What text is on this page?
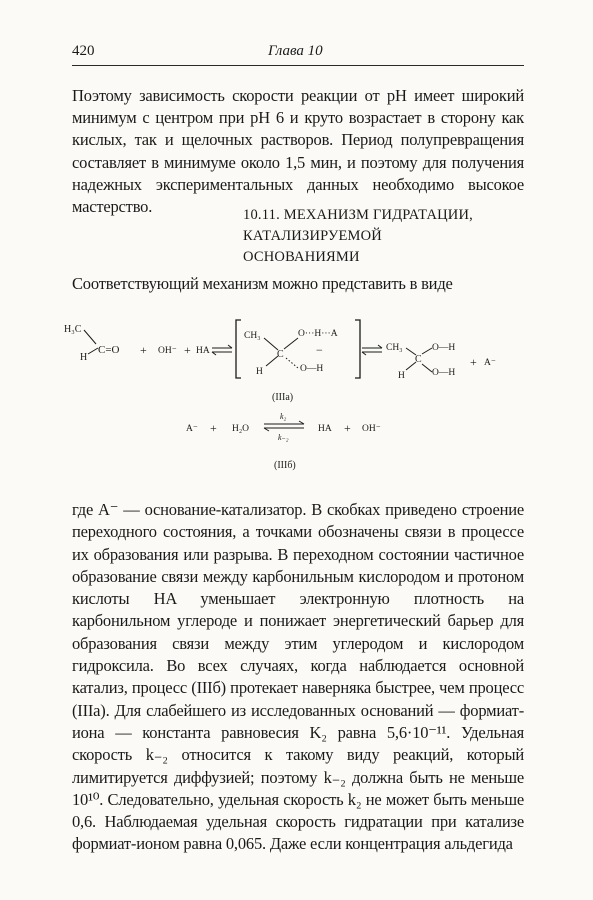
420	Глава 10

Поэтому зависимость скорости реакции от pH имеет широкий минимум с центром при pH 6 и круто возрастает в сторону как кислых, так и щелочных растворов. Период полупревращения составляет в минимуме около 1,5 мин, и поэтому для получения надежных экспериментальных данных необходимо высокое мастерство.	10.11. МЕХАНИЗМ ГИДРАТАЦИИ,
КАТАЛИЗИРУЕМОЙ
ОСНОВАНИЯМИ
Соответствующий механизм можно представить в виде
H₃C
H
C=O + OH⁻ + HA
CH₃
H
C
O···H···A
−
O—H
CH₃
H
C
O—H
O—H
+ A⁻
(IIIа)
A⁻ + H₂O
k₂
k₋₂
HA + OH⁻
(IIIб)

где A⁻ — основание-катализатор. В скобках приведено строение переходного состояния, а точками обозначены связи в процессе их образования или разрыва. В переходном состоянии частичное образование связи между карбонильным кислородом и протоном кислоты HA уменьшает электронную плотность на карбонильном углероде и понижает энергетический барьер для образования связи между этим углеродом и кислородом гидроксила. Во всех случаях, когда наблюдается основной катализ, процесс (IIIб) протекает наверняка быстрее, чем процесс (IIIа). Для слабейшего из исследованных оснований — формиат-иона — константа равновесия K₂ равна 5,6·10⁻¹¹. Удельная скорость k₋₂ относится к такому виду реакций, который лимитируется диффузией; поэтому k₋₂ должна быть не меньше 10¹⁰. Следовательно, удельная скорость k₂ не может быть меньше 0,6. Наблюдаемая удельная скорость гидратации при катализе формиат-ионом равна 0,065. Даже если концентрация альдегида
